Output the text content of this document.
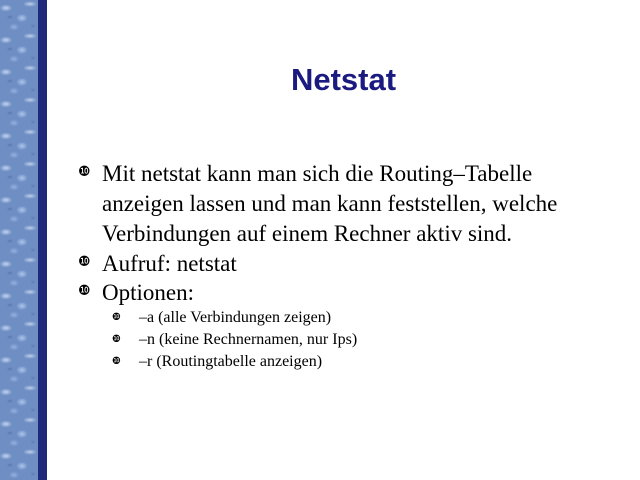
Netstat
❿ Mit netstat kann man sich die Routing–Tabelle
anzeigen lassen und man kann feststellen, welche
Verbindungen auf einem Rechner aktiv sind.
❿ Aufruf: netstat
❿ Optionen:
❿ –a (alle Verbindungen zeigen)
❿ –n (keine Rechnernamen, nur Ips)
❿ –r (Routingtabelle anzeigen)
